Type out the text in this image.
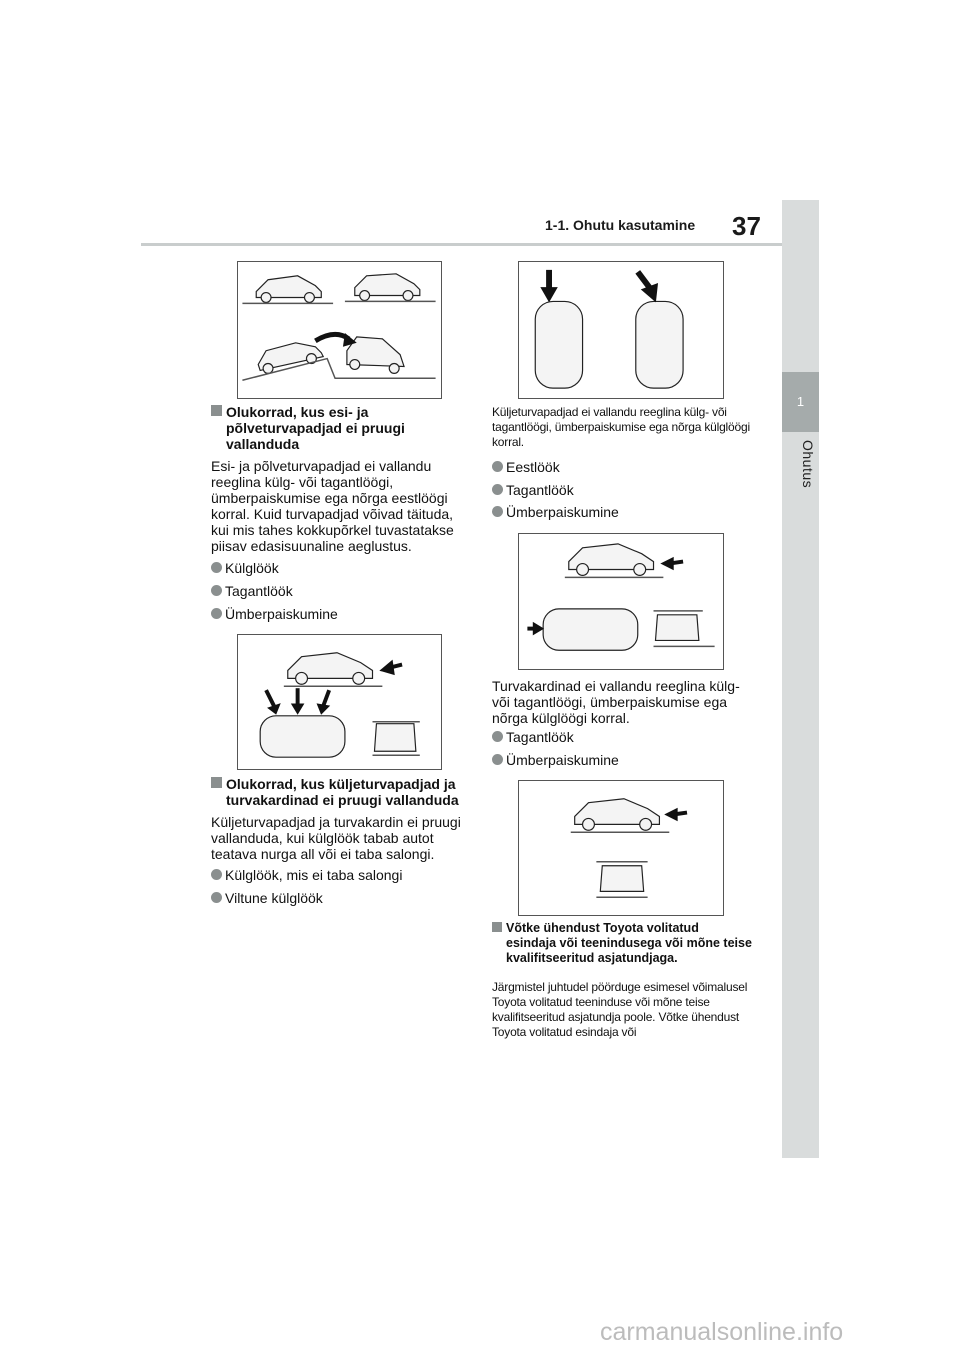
1
Ohutus
1-1. Ohutu kasutamine 37
Olukorrad, kus esi- ja põlveturvapadjad ei pruugi vallanduda
Esi- ja põlveturvapadjad ei vallandu reeglina külg- või tagantlöögi, ümberpaiskumise ega nõrga eestlöögi korral. Kuid turvapadjad võivad täituda, kui mis tahes kokkupõrkel tuvastatakse piisav edasisuunaline aeglustus.
Külglöök
Tagantlöök
Ümberpaiskumine
Olukorrad, kus küljeturvapadjad ja turvakardinad ei pruugi vallanduda
Küljeturvapadjad ja turvakardin ei pruugi vallanduda, kui külglöök tabab autot teatava nurga all või ei taba salongi.
Külglöök, mis ei taba salongi
Viltune külglöök
Küljeturvapadjad ei vallandu reeglina külg- või tagantlöögi, ümberpaiskumise ega nõrga külglöögi korral.
Eestlöök
Tagantlöök
Ümberpaiskumine
Turvakardinad ei vallandu reeglina külg- või tagantlöögi, ümberpaiskumise ega nõrga külglöögi korral.
Tagantlöök
Ümberpaiskumine
Võtke ühendust Toyota volitatud esindaja või teenindusega või mõne teise kvalifitseeritud asjatundjaga.
Järgmistel juhtudel pöörduge esimesel võimalusel Toyota volitatud teeninduse või mõne teise kvalifitseeritud asjatundja poole. Võtke ühendust Toyota volitatud esindaja või
carmanualsonline.info
